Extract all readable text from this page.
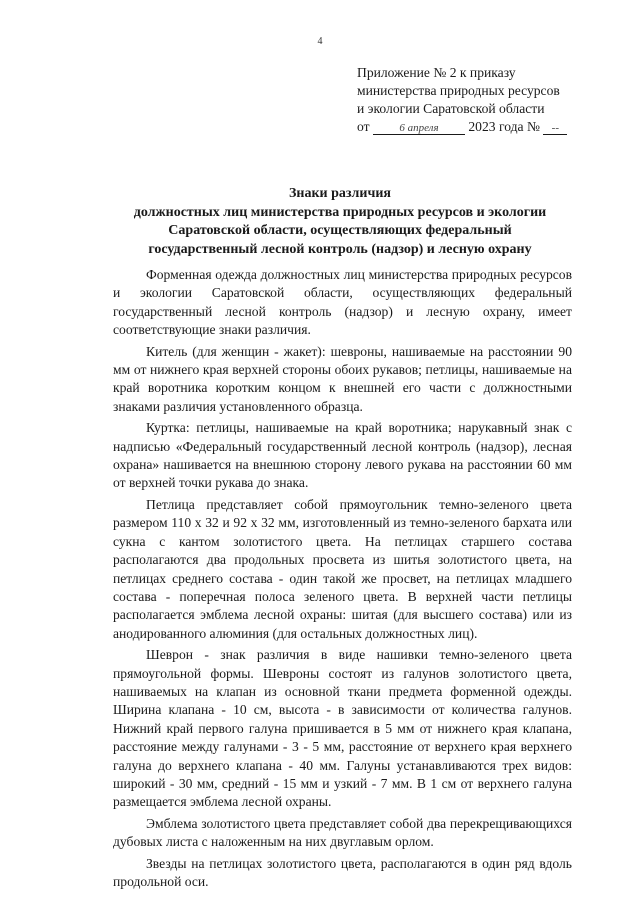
4
Приложение № 2 к приказу
министерства природных ресурсов
и экологии Саратовской области
от	6 апреля 2023 года № --
Знаки различия
должностных лиц министерства природных ресурсов и экологии
Саратовской области, осуществляющих федеральный
государственный лесной контроль (надзор) и лесную охрану

Форменная одежда должностных лиц министерства природных ресурсов и экологии Саратовской области, осуществляющих федеральный государственный лесной контроль (надзор) и лесную охрану, имеет соответствующие знаки различия.

Китель (для женщин - жакет): шевроны, нашиваемые на расстоянии 90 мм от нижнего края верхней стороны обоих рукавов; петлицы, нашиваемые на край воротника коротким концом к внешней его части с должностными знаками различия установленного образца.

Куртка: петлицы, нашиваемые на край воротника; нарукавный знак с надписью «Федеральный государственный лесной контроль (надзор), лесная охрана» нашивается на внешнюю сторону левого рукава на расстоянии 60 мм от верхней точки рукава до знака.

Петлица представляет собой прямоугольник темно-зеленого цвета размером 110 х 32 и 92 х 32 мм, изготовленный из темно-зеленого бархата или сукна с кантом золотистого цвета. На петлицах старшего состава располагаются два продольных просвета из шитья золотистого цвета, на петлицах среднего состава - один такой же просвет, на петлицах младшего состава - поперечная полоса зеленого цвета. В верхней части петлицы располагается эмблема лесной охраны: шитая (для высшего состава) или из анодированного алюминия (для остальных должностных лиц).

Шеврон - знак различия в виде нашивки темно-зеленого цвета прямоугольной формы. Шевроны состоят из галунов золотистого цвета, нашиваемых на клапан из основной ткани предмета форменной одежды. Ширина клапана - 10 см, высота - в зависимости от количества галунов. Нижний край первого галуна пришивается в 5 мм от нижнего края клапана, расстояние между галунами - 3 - 5 мм, расстояние от верхнего края верхнего галуна до верхнего клапана - 40 мм. Галуны устанавливаются трех видов: широкий - 30 мм, средний - 15 мм и узкий - 7 мм. В 1 см от верхнего галуна размещается эмблема лесной охраны.

Эмблема золотистого цвета представляет собой два перекрещивающихся дубовых листа с наложенным на них двуглавым орлом.

Звезды на петлицах золотистого цвета, располагаются в один ряд вдоль продольной оси.
